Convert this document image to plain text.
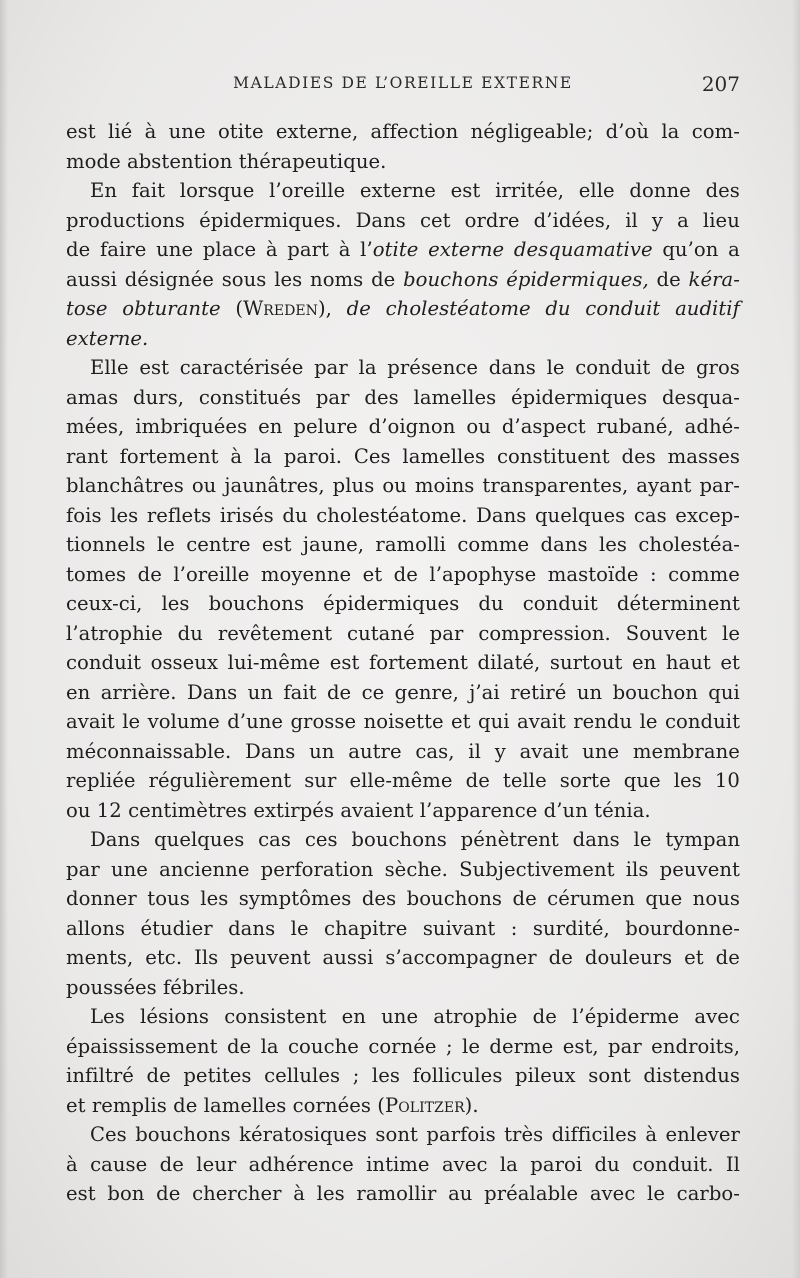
MALADIES DE L’OREILLE EXTERNE	207
est lié à une otite externe, affection négligeable; d’où la com-
mode abstention thérapeutique.
En fait lorsque l’oreille externe est irritée, elle donne des
productions épidermiques. Dans cet ordre d’idées, il y a lieu
de faire une place à part à l’otite externe desquamative qu’on a
aussi désignée sous les noms de bouchons épidermiques, de kéra-
tose obturante (Wreden), de cholestéatome du conduit auditif
externe.
Elle est caractérisée par la présence dans le conduit de gros
amas durs, constitués par des lamelles épidermiques desqua-
mées, imbriquées en pelure d’oignon ou d’aspect rubané, adhé-
rant fortement à la paroi. Ces lamelles constituent des masses
blanchâtres ou jaunâtres, plus ou moins transparentes, ayant par-
fois les reflets irisés du cholestéatome. Dans quelques cas excep-
tionnels le centre est jaune, ramolli comme dans les cholestéa-
tomes de l’oreille moyenne et de l’apophyse mastoïde : comme
ceux-ci, les bouchons épidermiques du conduit déterminent
l’atrophie du revêtement cutané par compression. Souvent le
conduit osseux lui-même est fortement dilaté, surtout en haut et
en arrière. Dans un fait de ce genre, j’ai retiré un bouchon qui
avait le volume d’une grosse noisette et qui avait rendu le conduit
méconnaissable. Dans un autre cas, il y avait une membrane
repliée régulièrement sur elle-même de telle sorte que les 10
ou 12 centimètres extirpés avaient l’apparence d’un ténia.
Dans quelques cas ces bouchons pénètrent dans le tympan
par une ancienne perforation sèche. Subjectivement ils peuvent
donner tous les symptômes des bouchons de cérumen que nous
allons étudier dans le chapitre suivant : surdité, bourdonne-
ments, etc. Ils peuvent aussi s’accompagner de douleurs et de
poussées fébriles.
Les lésions consistent en une atrophie de l’épiderme avec
épaississement de la couche cornée ; le derme est, par endroits,
infiltré de petites cellules ; les follicules pileux sont distendus
et remplis de lamelles cornées (Politzer).
Ces bouchons kératosiques sont parfois très difficiles à enlever
à cause de leur adhérence intime avec la paroi du conduit. Il
est bon de chercher à les ramollir au préalable avec le carbo-
